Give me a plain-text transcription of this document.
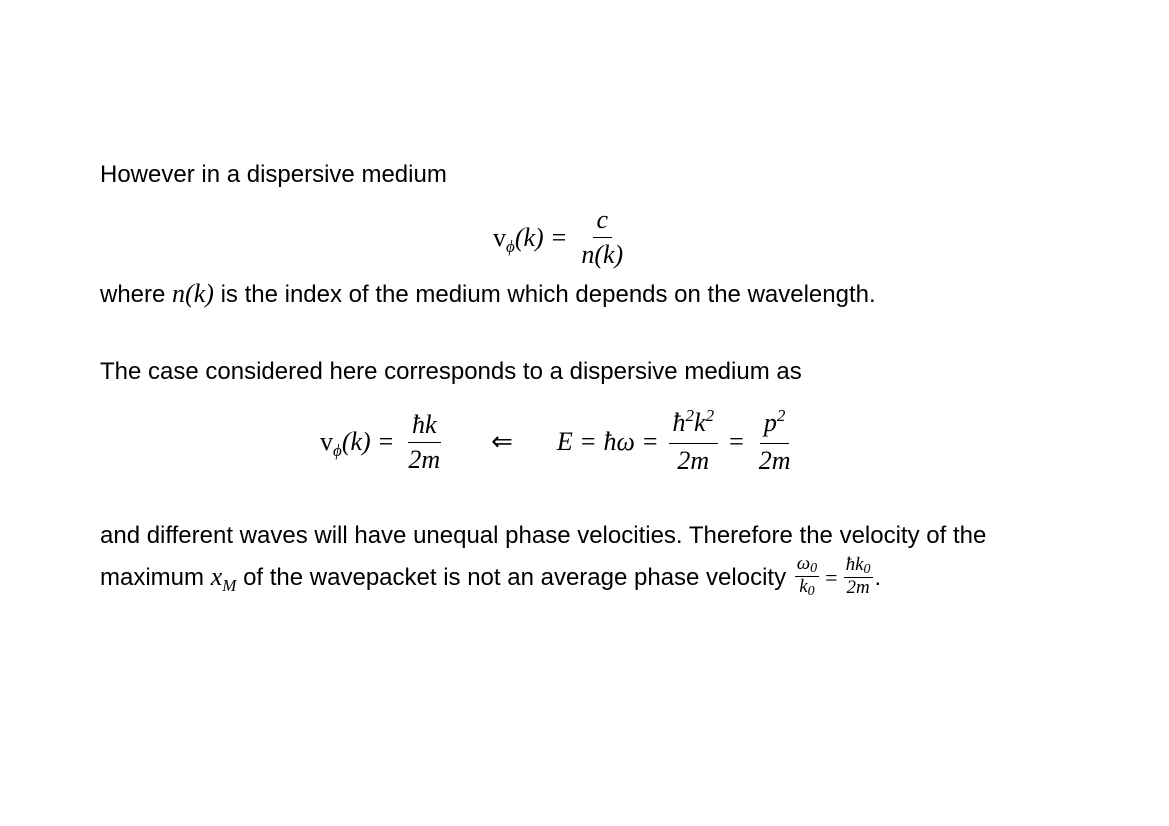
However in a dispersive medium
$v_\phi(k) = \frac{c}{n(k)}$
where n(k) is the index of the medium which depends on the wavelength.
The case considered here corresponds to a dispersive medium as
$v_\phi(k) = \frac{ħk}{2m}$ ⇐ E = ħω = $\frac{ħ^2k^2}{2m} = \frac{p^2}{2m}$
and different waves will have unequal phase velocities. Therefore the velocity of the
maximum $x_M$ of the wavepacket is not an average phase velocity $\frac{\omega 0}{k0} = \frac{ħk0}{2m}$ .
